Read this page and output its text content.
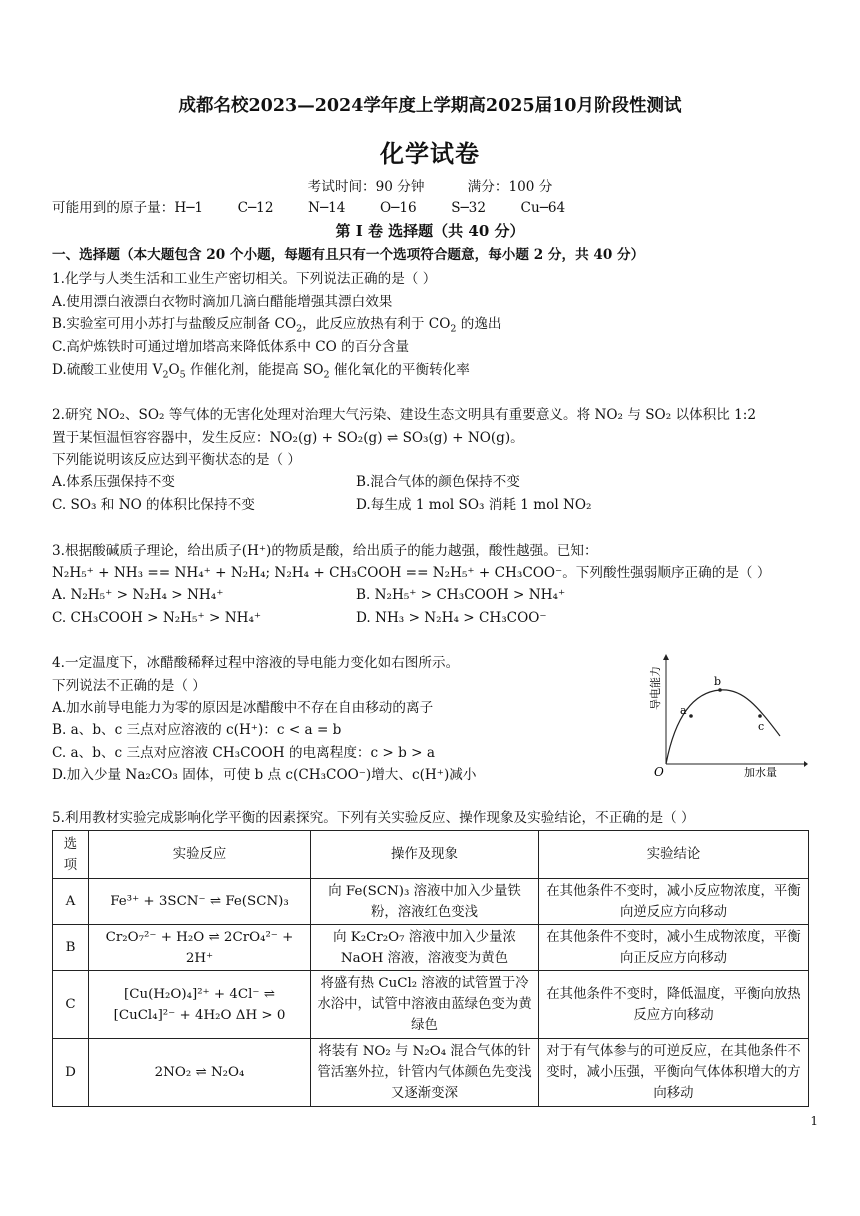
成都名校2023—2024学年度上学期高2025届10月阶段性测试
化学试卷
考试时间：90 分钟          满分：100 分
可能用到的原子量：H─1        C─12        N─14        O─16        S─32        Cu─64
第 I 卷 选择题（共 40 分）
一、选择题（本大题包含 20 个小题，每题有且只有一个选项符合题意，每小题 2 分，共 40 分）
1.化学与人类生活和工业生产密切相关。下列说法正确的是（ ）
A.使用漂白液漂白衣物时滴加几滴白醋能增强其漂白效果
B.实验室可用小苏打与盐酸反应制备 $CO_2$，此反应放热有利于 $CO_2$ 的逸出
C.高炉炼铁时可通过增加塔高来降低体系中 CO 的百分含量
D.硫酸工业使用 $V_2O_5$ 作催化剂，能提高 $SO_2$ 催化氧化的平衡转化率
2.研究 NO₂、SO₂ 等气体的无害化处理对治理大气污染、建设生态文明具有重要意义。将 NO₂ 与 SO₂ 以体积比 1:2
置于某恒温恒容容器中，发生反应：NO₂(g) + SO₂(g) ⇌ SO₃(g) + NO(g)。
下列能说明该反应达到平衡状态的是（ ）
A.体系压强保持不变	B.混合气体的颜色保持不变
C. SO₃ 和 NO 的体积比保持不变	D.每生成 1 mol SO₃ 消耗 1 mol NO₂
3.根据酸碱质子理论，给出质子(H⁺)的物质是酸，给出质子的能力越强，酸性越强。已知：
N₂H₅⁺ + NH₃ == NH₄⁺ + N₂H₄; N₂H₄ + CH₃COOH == N₂H₅⁺ + CH₃COO⁻。下列酸性强弱顺序正确的是（ ）
A. N₂H₅⁺ > N₂H₄ > NH₄⁺	B. N₂H₅⁺ > CH₃COOH > NH₄⁺
C. CH₃COOH > N₂H₅⁺ > NH₄⁺	D. NH₃ > N₂H₄ > CH₃COO⁻
4.一定温度下，冰醋酸稀释过程中溶液的导电能力变化如右图所示。
下列说法不正确的是（ ）
A.加水前导电能力为零的原因是冰醋酸中不存在自由移动的离子
B. a、b、c 三点对应溶液的 c(H⁺)：c < a = b
C. a、b、c 三点对应溶液 CH₃COOH 的电离程度：c > b > a
D.加入少量 Na₂CO₃ 固体，可使 b 点 c(CH₃COO⁻)增大、c(H⁺)减小
a
b
c
O	加水量
导电能力
5.利用教材实验完成影响化学平衡的因素探究。下列有关实验反应、操作现象及实验结论，不正确的是（ ）
选项	实验反应	操作及现象	实验结论
A	Fe³⁺ + 3SCN⁻ ⇌ Fe(SCN)₃	向 Fe(SCN)₃ 溶液中加入少量铁粉，溶液红色变浅	在其他条件不变时，减小反应物浓度，平衡向逆反应方向移动
B	Cr₂O₇²⁻ + H₂O ⇌ 2CrO₄²⁻ + 2H⁺	向 K₂Cr₂O₇ 溶液中加入少量浓 NaOH 溶液，溶液变为黄色	在其他条件不变时，减小生成物浓度，平衡向正反应方向移动
C	[Cu(H₂O)₄]²⁺ + 4Cl⁻ ⇌ [CuCl₄]²⁻ + 4H₂O ΔH > 0	将盛有热 CuCl₂ 溶液的试管置于冷水浴中，试管中溶液由蓝绿色变为黄绿色	在其他条件不变时，降低温度，平衡向放热反应方向移动
D	2NO₂ ⇌ N₂O₄	将装有 NO₂ 与 N₂O₄ 混合气体的针管活塞外拉，针管内气体颜色先变浅又逐渐变深	对于有气体参与的可逆反应，在其他条件不变时，减小压强，平衡向气体体积增大的方向移动
1
